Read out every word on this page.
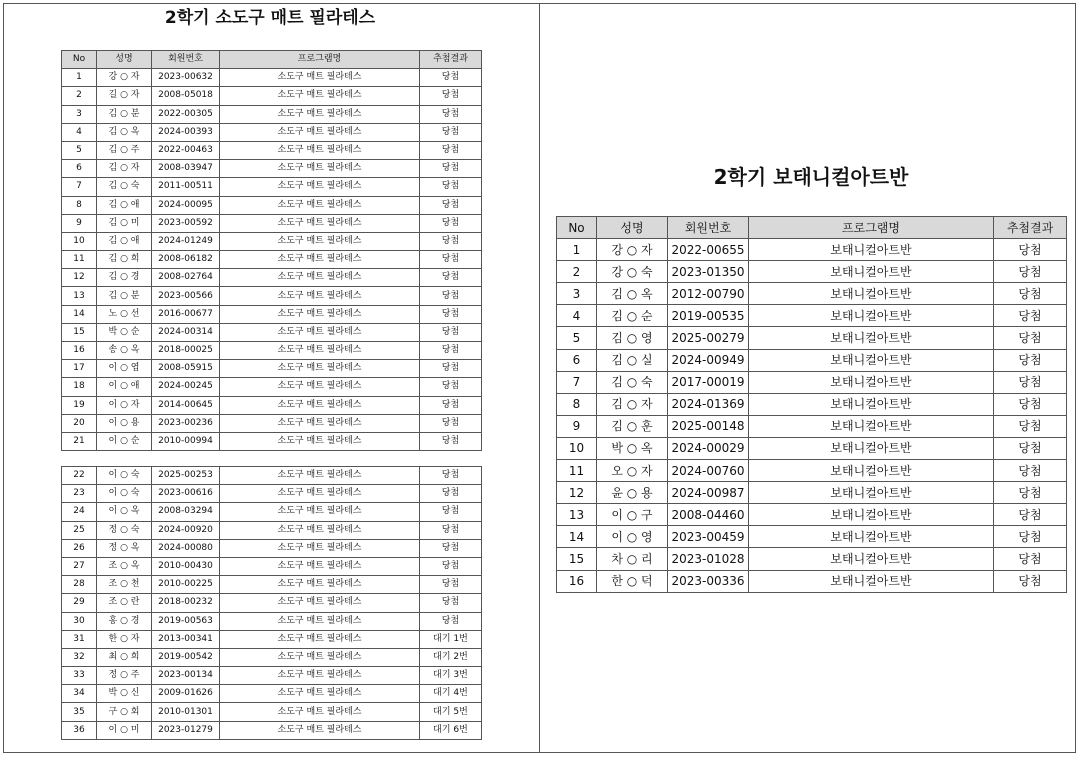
2학기 소도구 매트 필라테스
No	성명	회원번호	프로그램명	추첨결과
1	강 ○ 자	2023-00632	소도구 매트 필라테스	당첨
2	길 ○ 자	2008-05018	소도구 매트 필라테스	당첨
3	김 ○ 분	2022-00305	소도구 매트 필라테스	당첨
4	김 ○ 옥	2024-00393	소도구 매트 필라테스	당첨
5	김 ○ 주	2022-00463	소도구 매트 필라테스	당첨
6	김 ○ 자	2008-03947	소도구 매트 필라테스	당첨
7	김 ○ 숙	2011-00511	소도구 매트 필라테스	당첨
8	김 ○ 애	2024-00095	소도구 매트 필라테스	당첨
9	김 ○ 미	2023-00592	소도구 매트 필라테스	당첨
10	김 ○ 애	2024-01249	소도구 매트 필라테스	당첨
11	김 ○ 희	2008-06182	소도구 매트 필라테스	당첨
12	김 ○ 경	2008-02764	소도구 매트 필라테스	당첨
13	김 ○ 분	2023-00566	소도구 매트 필라테스	당첨
14	노 ○ 선	2016-00677	소도구 매트 필라테스	당첨
15	박 ○ 순	2024-00314	소도구 매트 필라테스	당첨
16	송 ○ 옥	2018-00025	소도구 매트 필라테스	당첨
17	이 ○ 엽	2008-05915	소도구 매트 필라테스	당첨
18	이 ○ 애	2024-00245	소도구 매트 필라테스	당첨
19	이 ○ 자	2014-00645	소도구 매트 필라테스	당첨
20	이 ○ 용	2023-00236	소도구 매트 필라테스	당첨
21	이 ○ 순	2010-00994	소도구 매트 필라테스	당첨
22	이 ○ 숙	2025-00253	소도구 매트 필라테스	당첨
23	이 ○ 숙	2023-00616	소도구 매트 필라테스	당첨
24	이 ○ 옥	2008-03294	소도구 매트 필라테스	당첨
25	정 ○ 숙	2024-00920	소도구 매트 필라테스	당첨
26	정 ○ 옥	2024-00080	소도구 매트 필라테스	당첨
27	조 ○ 옥	2010-00430	소도구 매트 필라테스	당첨
28	조 ○ 천	2010-00225	소도구 매트 필라테스	당첨
29	조 ○ 란	2018-00232	소도구 매트 필라테스	당첨
30	홍 ○ 경	2019-00563	소도구 매트 필라테스	당첨
31	한 ○ 자	2013-00341	소도구 매트 필라테스	대기 1번
32	최 ○ 희	2019-00542	소도구 매트 필라테스	대기 2번
33	정 ○ 주	2023-00134	소도구 매트 필라테스	대기 3번
34	박 ○ 신	2009-01626	소도구 매트 필라테스	대기 4번
35	구 ○ 회	2010-01301	소도구 매트 필라테스	대기 5번
36	이 ○ 미	2023-01279	소도구 매트 필라테스	대기 6번
2학기 보태니컬아트반
No	성명	회원번호	프로그램명	추첨결과
1	강 ○ 자	2022-00655	보태니컬아트반	당첨
2	강 ○ 숙	2023-01350	보태니컬아트반	당첨
3	김 ○ 옥	2012-00790	보태니컬아트반	당첨
4	김 ○ 순	2019-00535	보태니컬아트반	당첨
5	김 ○ 영	2025-00279	보태니컬아트반	당첨
6	김 ○ 실	2024-00949	보태니컬아트반	당첨
7	김 ○ 숙	2017-00019	보태니컬아트반	당첨
8	김 ○ 자	2024-01369	보태니컬아트반	당첨
9	김 ○ 훈	2025-00148	보태니컬아트반	당첨
10	박 ○ 옥	2024-00029	보태니컬아트반	당첨
11	오 ○ 자	2024-00760	보태니컬아트반	당첨
12	윤 ○ 용	2024-00987	보태니컬아트반	당첨
13	이 ○ 구	2008-04460	보태니컬아트반	당첨
14	이 ○ 영	2023-00459	보태니컬아트반	당첨
15	차 ○ 리	2023-01028	보태니컬아트반	당첨
16	한 ○ 덕	2023-00336	보태니컬아트반	당첨
